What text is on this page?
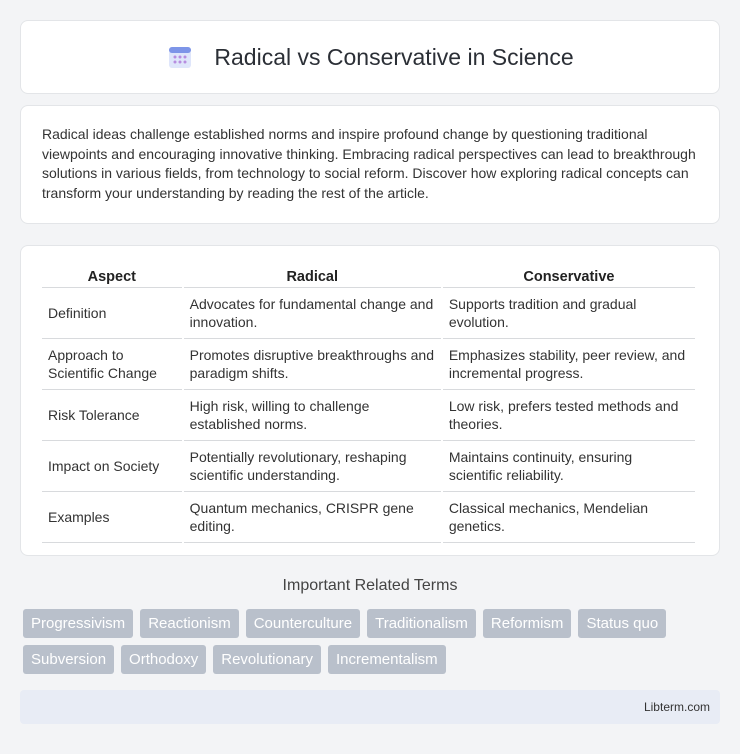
Radical vs Conservative in Science

Radical ideas challenge established norms and inspire profound change by questioning traditional viewpoints and encouraging innovative thinking. Embracing radical perspectives can lead to breakthrough solutions in various fields, from technology to social reform. Discover how exploring radical concepts can transform your understanding by reading the rest of the article.

Aspect	Radical	Conservative
Definition	Advocates for fundamental change and innovation.	Supports tradition and gradual evolution.
Approach to Scientific Change	Promotes disruptive breakthroughs and paradigm shifts.	Emphasizes stability, peer review, and incremental progress.
Risk Tolerance	High risk, willing to challenge established norms.	Low risk, prefers tested methods and theories.
Impact on Society	Potentially revolutionary, reshaping scientific understanding.	Maintains continuity, ensuring scientific reliability.
Examples	Quantum mechanics, CRISPR gene editing.	Classical mechanics, Mendelian genetics.
Important Related Terms
Progressivism	Reactionism	Counterculture	Traditionalism	Reformism	Status quo
Subversion	Orthodoxy	Revolutionary	Incrementalism
Libterm.com
